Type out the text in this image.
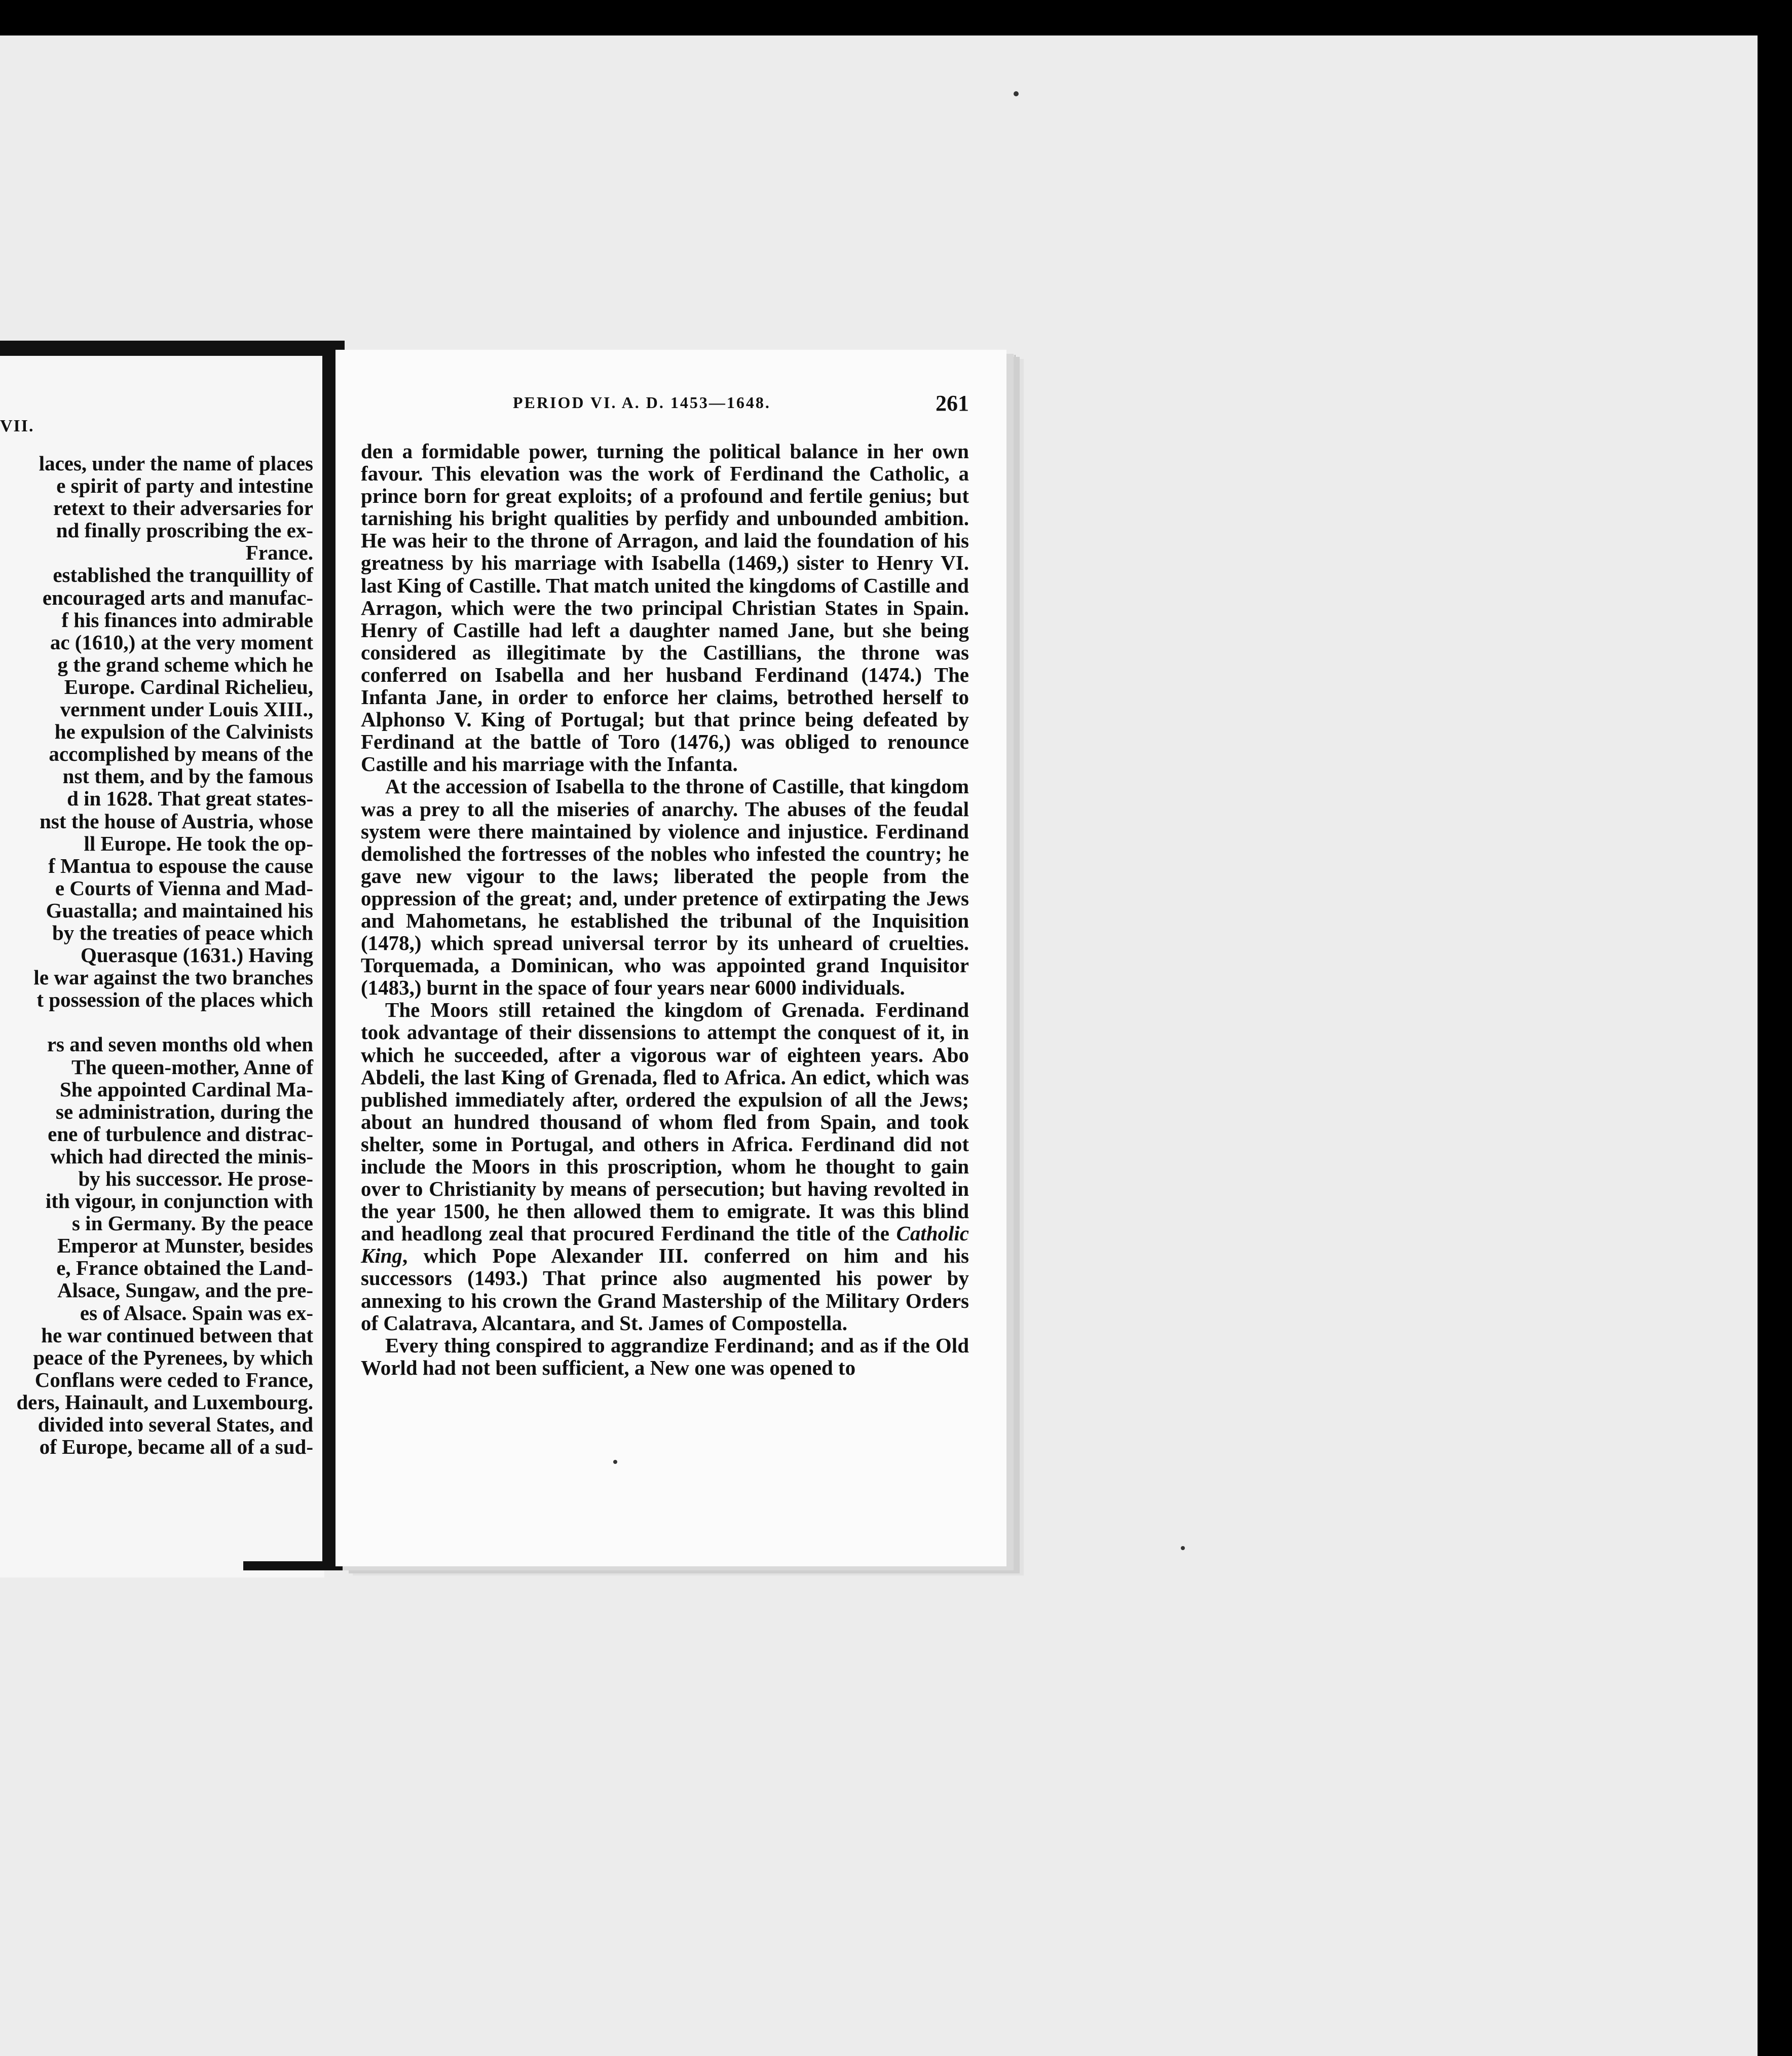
VII.
laces, under the name of places
e spirit of party and intestine
retext to their adversaries for
nd finally proscribing the ex-
France.
established the tranquillity of
encouraged arts and manufac-
f his finances into admirable
ac (1610,) at the very moment
g the grand scheme which he
Europe. Cardinal Richelieu,
vernment under Louis XIII.,
he expulsion of the Calvinists
accomplished by means of the
nst them, and by the famous
d in 1628. That great states-
nst the house of Austria, whose
ll Europe. He took the op-
f Mantua to espouse the cause
e Courts of Vienna and Mad-
Guastalla; and maintained his
by the treaties of peace which
Querasque (1631.) Having
le war against the two branches
t possession of the places which

rs and seven months old when
The queen-mother, Anne of
She appointed Cardinal Ma-
se administration, during the
ene of turbulence and distrac-
which had directed the minis-
by his successor. He prose-
ith vigour, in conjunction with
s in Germany. By the peace
Emperor at Munster, besides
e, France obtained the Land-
Alsace, Sungaw, and the pre-
es of Alsace. Spain was ex-
he war continued between that
peace of the Pyrenees, by which
Conflans were ceded to France,
ders, Hainault, and Luxembourg.
divided into several States, and
of Europe, became all of a sud-
PERIOD VI. A. D. 1453—1648.	261

den a formidable power, turning the political balance in her own favour. This elevation was the work of Ferdinand the Catholic, a prince born for great exploits; of a profound and fertile genius; but tarnishing his bright qualities by perfidy and unbounded ambition. He was heir to the throne of Arragon, and laid the foundation of his greatness by his marriage with Isabella (1469,) sister to Henry VI. last King of Castille. That match united the kingdoms of Castille and Arragon, which were the two principal Christian States in Spain. Henry of Castille had left a daughter named Jane, but she being considered as illegitimate by the Castillians, the throne was conferred on Isabella and her husband Ferdinand (1474.) The Infanta Jane, in order to enforce her claims, betrothed herself to Alphonso V. King of Portugal; but that prince being defeated by Ferdinand at the battle of Toro (1476,) was obliged to renounce Castille and his marriage with the Infanta.

At the accession of Isabella to the throne of Castille, that kingdom was a prey to all the miseries of anarchy. The abuses of the feudal system were there maintained by violence and injustice. Ferdinand demolished the fortresses of the nobles who infested the country; he gave new vigour to the laws; liberated the people from the oppression of the great; and, under pretence of extirpating the Jews and Mahometans, he established the tribunal of the Inquisition (1478,) which spread universal terror by its unheard of cruelties. Torquemada, a Dominican, who was appointed grand Inquisitor (1483,) burnt in the space of four years near 6000 individuals.

The Moors still retained the kingdom of Grenada. Ferdinand took advantage of their dissensions to attempt the conquest of it, in which he succeeded, after a vigorous war of eighteen years. Abo Abdeli, the last King of Grenada, fled to Africa. An edict, which was published immediately after, ordered the expulsion of all the Jews; about an hundred thousand of whom fled from Spain, and took shelter, some in Portugal, and others in Africa. Ferdinand did not include the Moors in this proscription, whom he thought to gain over to Christianity by means of persecution; but having revolted in the year 1500, he then allowed them to emigrate. It was this blind and headlong zeal that procured Ferdinand the title of the Catholic King, which Pope Alexander III. conferred on him and his successors (1493.) That prince also augmented his power by annexing to his crown the Grand Mastership of the Military Orders of Calatrava, Alcantara, and St. James of Compostella.

Every thing conspired to aggrandize Ferdinand; and as if the Old World had not been sufficient, a New one was opened to
